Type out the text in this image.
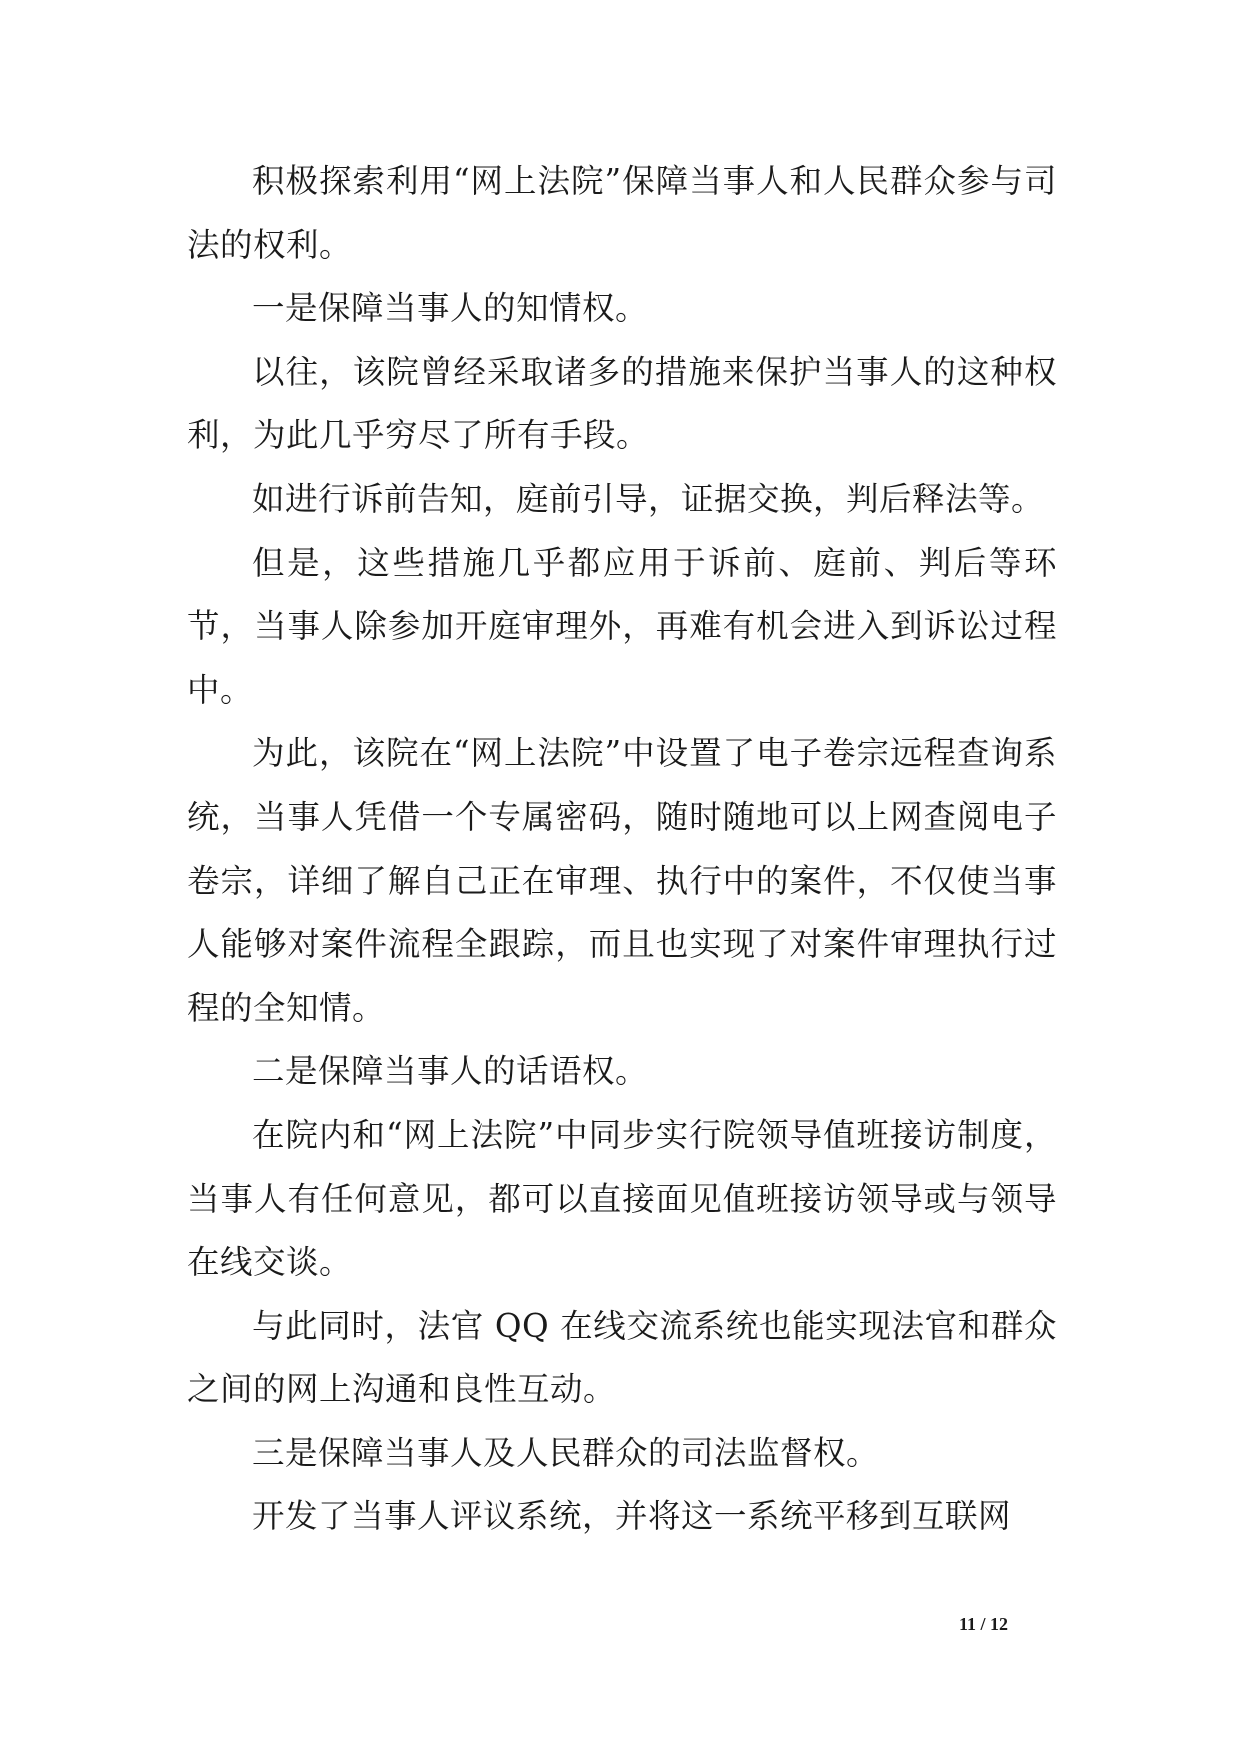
积极探索利用“网上法院”保障当事人和人民群众参与司法的权利。

一是保障当事人的知情权。

以往，该院曾经采取诸多的措施来保护当事人的这种权利，为此几乎穷尽了所有手段。

如进行诉前告知，庭前引导，证据交换，判后释法等。

但是，这些措施几乎都应用于诉前、庭前、判后等环节，当事人除参加开庭审理外，再难有机会进入到诉讼过程中。

为此，该院在“网上法院”中设置了电子卷宗远程查询系统，当事人凭借一个专属密码，随时随地可以上网查阅电子卷宗，详细了解自己正在审理、执行中的案件，不仅使当事人能够对案件流程全跟踪，而且也实现了对案件审理执行过程的全知情。

二是保障当事人的话语权。

在院内和“网上法院”中同步实行院领导值班接访制度，当事人有任何意见，都可以直接面见值班接访领导或与领导在线交谈。

与此同时，法官 QQ 在线交流系统也能实现法官和群众之间的网上沟通和良性互动。

三是保障当事人及人民群众的司法监督权。

开发了当事人评议系统，并将这一系统平移到互联网

11 / 12
